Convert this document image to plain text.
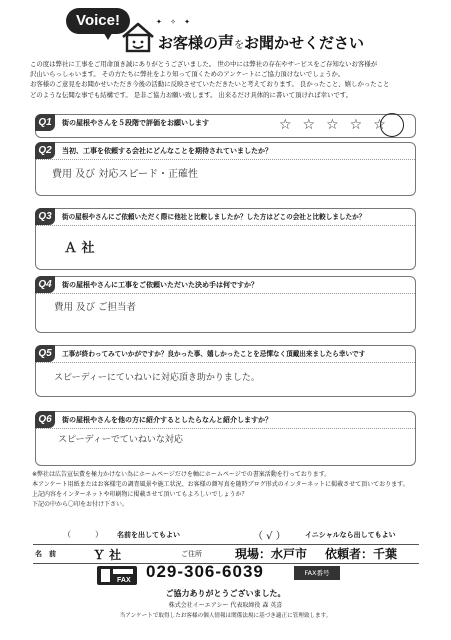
Voice!	✦ ✧ ✦
お客様の声をお聞かせください
この度は弊社に工事をご用命頂き誠にありがとうございました。 世の中には弊社の存在やサービスをご存知ないお客様が
沢山いらっしゃいます。 その方たちに弊社をより知って頂くためのアンケートにご協力頂けないでしょうか。
お客様のご意見をお聞かせいただき今後の活動に反映させていただきたいと考えております。 良かったこと、嬉しかったこと
どのような伝聞な事でも結構です。 是非ご協力お願い致します。 出来るだけ具体的に書いて頂ければ幸いです。
Q1	街の屋根やさんを５段階で評価をお願いします	☆☆☆☆☆
Q2	当初、工事を依頼する会社にどんなことを期待されていましたか？
費用 及び 対応スピード・正確性
Q3	街の屋根やさんにご依頼いただく際に他社と比較しましたか？した方はどこの会社と比較しましたか？
Ａ 社
Q4	街の屋根やさんに工事をご依頼いただいた決め手は何ですか？
費用 及び ご担当者
Q5	工事が終わってみていかがですか？良かった事、嬉しかったことを忌憚なく頂戴出来ましたら幸いです
スピーディーにていねいに対応頂き助かりました。
Q6	街の屋根やさんを他の方に紹介するとしたらなんと紹介しますか？
スピーディーでていねいな対応
※弊社は広告宣伝費を極力かけない為にホームページだけを軸にホームページでの書案活動を行っております。
本アンケート用紙またはお客様宅の調査風景や施工状況、お客様の顔写真を随時ブログ形式のインターネットに掲載させて頂いております。
上記内容をインターネットや印刷物に掲載させて頂いてもよろしいでしょうか？
下記の中から〇印をお付け下さい。
（　　　） 名前を出してもよい	（ √ ）	イニシャルなら出してもよい
名　前	Ｙ 社	ご住所	現場：水戸市 依頼者：千葉
FAX 029-306-6039	FAX番号
ご協力ありがとうございました。
株式会社イーエアシー 代表取締役 森 英喜
当アンケートで取得したお客様の個人情報は関係法規に基づき適正に管理致します。
